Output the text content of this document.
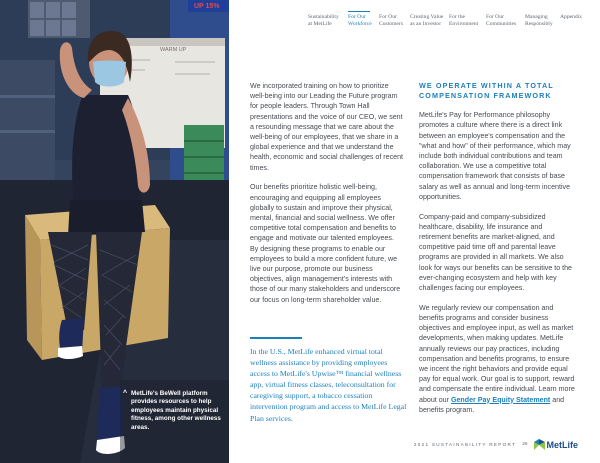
UP 15%
WARM UP
^ MetLife's BeWell platform provides resources to help employees maintain physical fitness, among other wellness areas.
Sustainability at MetLife
For Our Workforce
For Our Customers
Creating Value as an Investor
For the Environment
For Our Communities
Managing Responsibly
Appendix

We incorporated training on how to prioritize well-being into our Leading the Future program for people leaders. Through Town Hall presentations and the voice of our CEO, we sent a resounding message that we care about the well-being of our employees, that we share in a global experience and that we understand the health, economic and social challenges of recent times.

Our benefits prioritize holistic well-being, encouraging and equipping all employees globally to sustain and improve their physical, mental, financial and social wellness. We offer competitive total compensation and benefits to engage and motivate our talented employees. By designing these programs to enable our employees to build a more confident future, we live our purpose, promote our business objectives, align management's interests with those of our many stakeholders and underscore our focus on long-term shareholder value.

In the U.S., MetLife enhanced virtual total wellness assistance by providing employees access to MetLife's Upwise™ financial wellness app, virtual fitness classes, teleconsultation for caregiving support, a tobacco cessation intervention program and access to MetLife Legal Plan services.
WE OPERATE WITHIN A TOTAL COMPENSATION FRAMEWORK

MetLife's Pay for Performance philosophy promotes a culture where there is a direct link between an employee's compensation and the "what and how" of their performance, which may include both individual contributions and team collaboration. We use a competitive total compensation framework that consists of base salary as well as annual and long-term incentive opportunities.

Company-paid and company-subsidized healthcare, disability, life insurance and retirement benefits are market-aligned, and competitive paid time off and parental leave programs are provided in all markets. We also look for ways our benefits can be sensitive to the ever-changing ecosystem and help with key challenges facing our employees.

We regularly review our compensation and benefits programs and consider business objectives and employee input, as well as market developments, when making updates. MetLife annually reviews our pay practices, including compensation and benefits programs, to ensure we incent the right behaviors and provide equal pay for equal work. Our goal is to support, reward and compensate the entire individual. Learn more about our Gender Pay Equity Statement and benefits program.

2021 SUSTAINABILITY REPORT 26 MetLife
